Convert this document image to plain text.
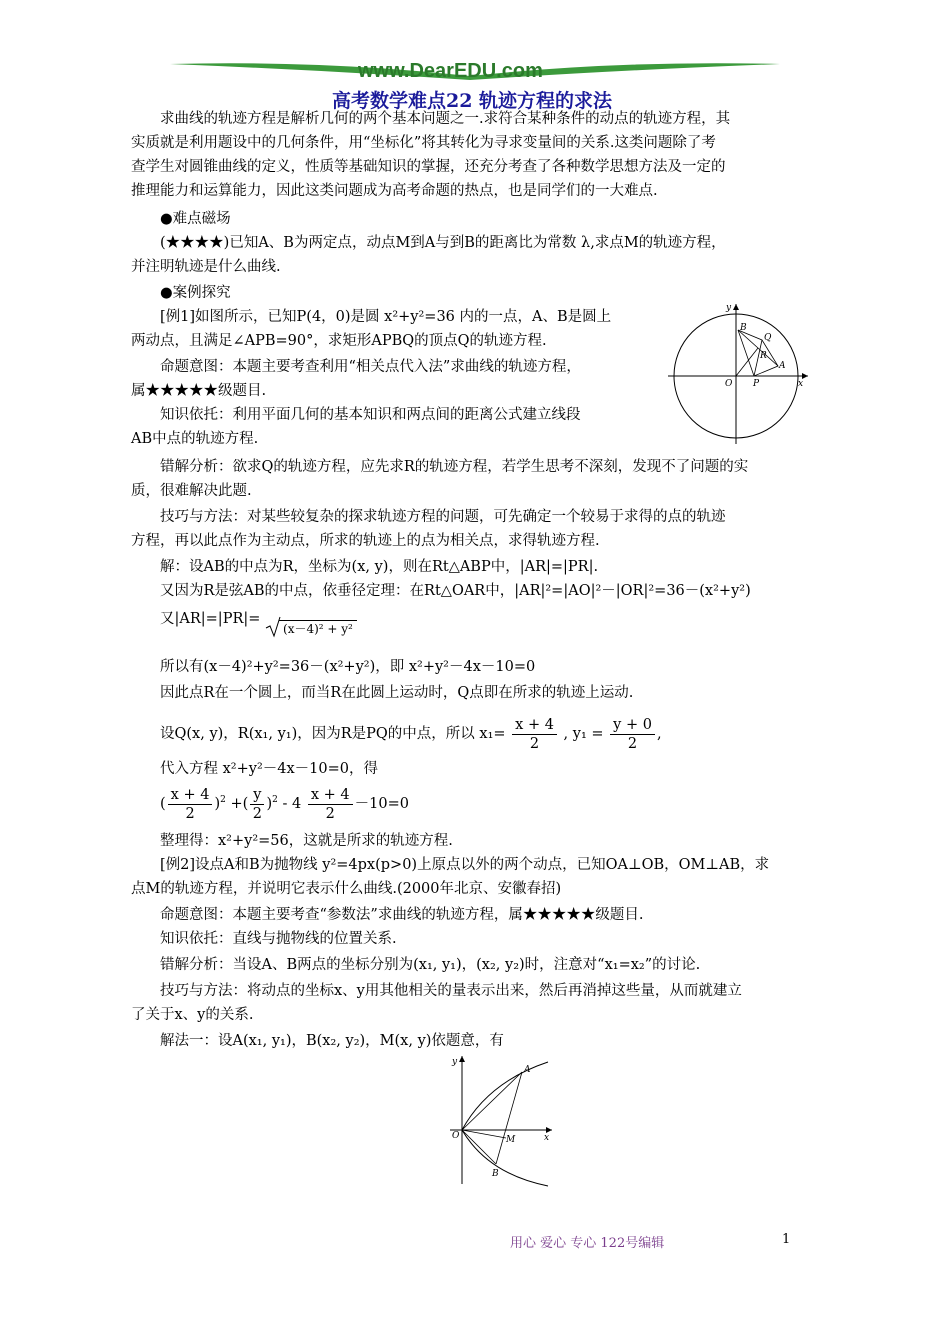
www.DearEDU.com
高考数学难点22 轨迹方程的求法
求曲线的轨迹方程是解析几何的两个基本问题之一.求符合某种条件的动点的轨迹方程，其
实质就是利用题设中的几何条件，用“坐标化”将其转化为寻求变量间的关系.这类问题除了考
查学生对圆锥曲线的定义，性质等基础知识的掌握，还充分考查了各种数学思想方法及一定的
推理能力和运算能力，因此这类问题成为高考命题的热点，也是同学们的一大难点.
●难点磁场
(★★★★)已知A、B为两定点，动点M到A与到B的距离比为常数 λ,求点M的轨迹方程，
并注明轨迹是什么曲线.
●案例探究
[例1]如图所示，已知P(4，0)是圆 x²+y²=36 内的一点，A、B是圆上
两动点，且满足∠APB=90°，求矩形APBQ的顶点Q的轨迹方程.
命题意图：本题主要考查利用“相关点代入法”求曲线的轨迹方程，
属★★★★★级题目.
知识依托：利用平面几何的基本知识和两点间的距离公式建立线段
AB中点的轨迹方程.
y
x
O P
A
B
Q
R
错解分析：欲求Q的轨迹方程，应先求R的轨迹方程，若学生思考不深刻，发现不了问题的实
质，很难解决此题.
技巧与方法：对某些较复杂的探求轨迹方程的问题，可先确定一个较易于求得的点的轨迹
方程，再以此点作为主动点，所求的轨迹上的点为相关点，求得轨迹方程.
解：设AB的中点为R，坐标为(x, y)，则在Rt△ABP中，|AR|=|PR|.
又因为R是弦AB的中点，依垂径定理：在Rt△OAR中，|AR|²=|AO|²－|OR|²=36－(x²+y²)
又|AR|=|PR|=
(x－4)² + y²
所以有(x－4)²+y²=36－(x²+y²)，即 x²+y²－4x－10=0
因此点R在一个圆上，而当R在此圆上运动时，Q点即在所求的轨迹上运动.
设Q(x, y)，R(x₁, y₁)，因为R是PQ的中点，所以 $x_1= \frac{x + 4}{2}$ , $y_1 = \frac{y + 0}{2}$ ,
代入方程 x²+y²－4x－10=0，得
( $\frac{x + 4}{2} )^2$ +( $\frac{y}{2} )^2 - 4 \frac{x + 4}{2} -10=0$
整理得：x²+y²=56，这就是所求的轨迹方程.
[例2]设点A和B为抛物线 y²=4px(p>0)上原点以外的两个动点，已知OA⊥OB，OM⊥AB，求
点M的轨迹方程，并说明它表示什么曲线.(2000年北京、安徽春招)
命题意图：本题主要考查“参数法”求曲线的轨迹方程，属★★★★★级题目.
知识依托：直线与抛物线的位置关系.
错解分析：当设A、B两点的坐标分别为(x₁, y₁)，(x₂, y₂)时，注意对“x₁=x₂”的讨论.
技巧与方法：将动点的坐标x、y用其他相关的量表示出来，然后再消掉这些量，从而就建立
了关于x、y的关系.
解法一：设A(x₁, y₁)，B(x₂, y₂)，M(x, y)依题意，有
y
x
O
A
B
M
用心 爱心 专心 122号编辑	1
